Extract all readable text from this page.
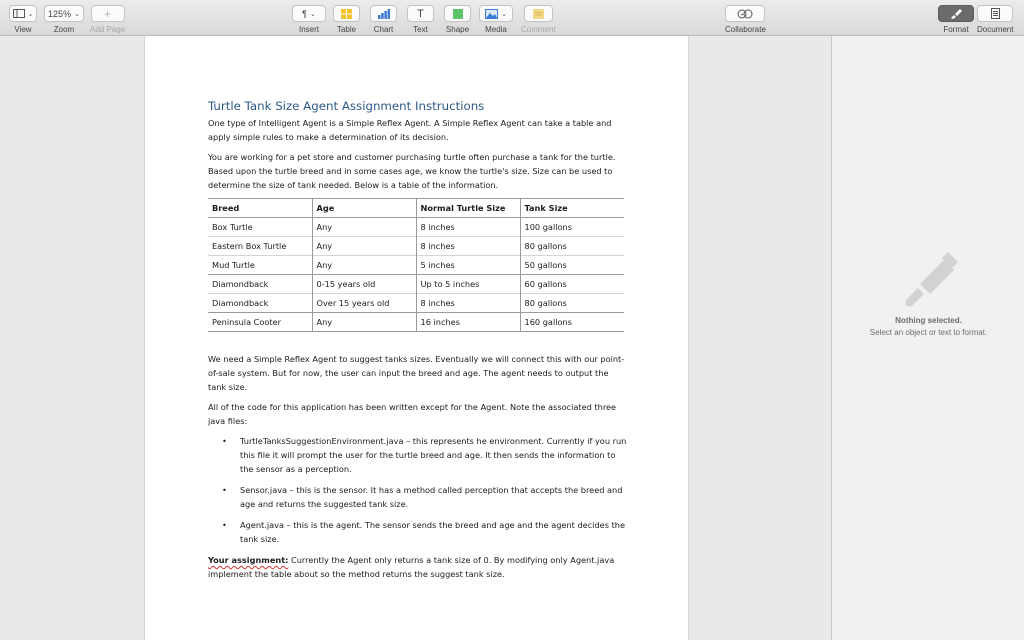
⌄
View
125% ⌄
Zoom
+
Add Page
¶ ⌄
Insert Table Chart
T
Text Shape
⌄
Media Comment
+
Collaborate	Format Document
Turtle Tank Size Agent Assignment Instructions

One type of Intelligent Agent is a Simple Reflex Agent. A Simple Reflex Agent can take a table and apply simple rules to make a determination of its decision.

You are working for a pet store and customer purchasing turtle often purchase a tank for the turtle. Based upon the turtle breed and in some cases age, we know the turtle's size. Size can be used to determine the size of tank needed. Below is a table of the information.

Breed	Age	Normal Turtle Size	Tank Size
Box Turtle	Any	8 inches	100 gallons
Eastern Box Turtle	Any	8 inches	80 gallons
Mud Turtle	Any	5 inches	50 gallons
Diamondback	0-15 years old	Up to 5 inches	60 gallons
Diamondback	Over 15 years old	8 inches	80 gallons
Peninsula Cooter	Any	16 inches	160 gallons

We need a Simple Reflex Agent to suggest tanks sizes. Eventually we will connect this with our point-of-sale system. But for now, the user can input the breed and age. The agent needs to output the tank size.

All of the code for this application has been written except for the Agent. Note the associated three java files:

• TurtleTanksSuggestionEnvironment.java – this represents he environment. Currently if you run this file it will prompt the user for the turtle breed and age. It then sends the information to the sensor as a perception.
• Sensor.java – this is the sensor. It has a method called perception that accepts the breed and age and returns the suggested tank size.
• Agent.java – this is the agent. The sensor sends the breed and age and the agent decides the tank size.

Your assignment: Currently the Agent only returns a tank size of 0. By modifying only Agent.java implement the table about so the method returns the suggest tank size.

Nothing selected.
Select an object or text to format.
